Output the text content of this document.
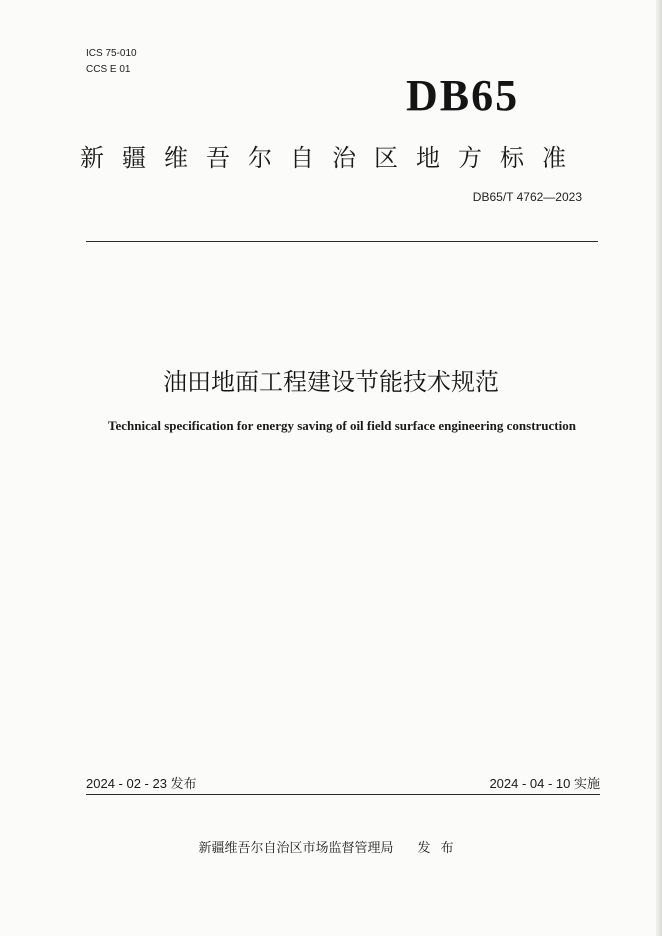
ICS 75-010
CCS E 01
DB65
新疆维吾尔自治区地方标准
DB65/T 4762—2023
油田地面工程建设节能技术规范
Technical specification for energy saving of oil field surface engineering construction
2024 - 02 - 23 发布	2024 - 04 - 10 实施
新疆维吾尔自治区市场监督管理局 发布
